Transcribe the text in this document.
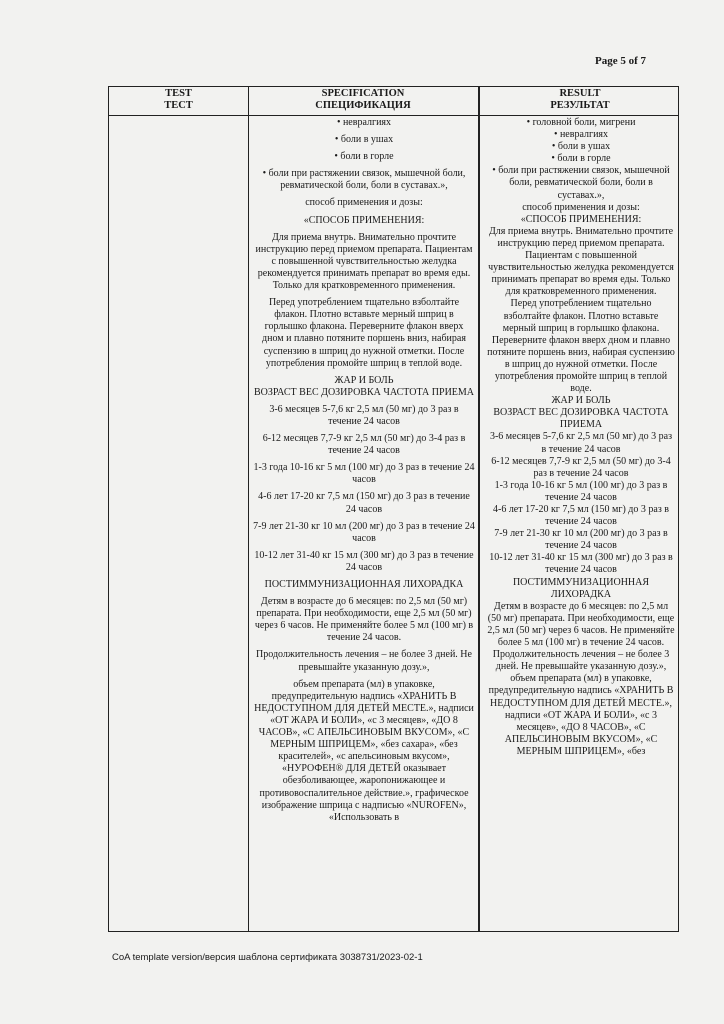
Page 5 of 7
TEST
ТЕСТ
SPECIFICATION
СПЕЦИФИКАЦИЯ
RESULT
РЕЗУЛЬТАТ
• невралгиях
• боли в ушах
• боли в горле
• боли при растяжении связок, мышечной боли, ревматической боли, боли в суставах.»,
способ применения и дозы:
«СПОСОБ ПРИМЕНЕНИЯ:
Для приема внутрь. Внимательно прочтите инструкцию перед приемом препарата. Пациентам с повышенной чувствительностью желудка рекомендуется принимать препарат во время еды. Только для кратковременного применения.
Перед употреблением тщательно взболтайте флакон. Плотно вставьте мерный шприц в горлышко флакона. Переверните флакон вверх дном и плавно потяните поршень вниз, набирая суспензию в шприц до нужной отметки. После употребления промойте шприц в теплой воде.
ЖАР И БОЛЬ
ВОЗРАСТ ВЕС ДОЗИРОВКА ЧАСТОТА ПРИЕМА
3-6 месяцев 5-7,6 кг 2,5 мл (50 мг) до 3 раз в течение 24 часов
6-12 месяцев 7,7-9 кг 2,5 мл (50 мг) до 3-4 раз в течение 24 часов
1-3 года 10-16 кг 5 мл (100 мг) до 3 раз в течение 24 часов
4-6 лет 17-20 кг 7,5 мл (150 мг) до 3 раз в течение 24 часов
7-9 лет 21-30 кг 10 мл (200 мг) до 3 раз в течение 24 часов
10-12 лет 31-40 кг 15 мл (300 мг) до 3 раз в течение 24 часов
ПОСТИММУНИЗАЦИОННАЯ ЛИХОРАДКА
Детям в возрасте до 6 месяцев: по 2,5 мл (50 мг) препарата. При необходимости, еще 2,5 мл (50 мг) через 6 часов. Не применяйте более 5 мл (100 мг) в течение 24 часов.
Продолжительность лечения – не более 3 дней. Не превышайте указанную дозу.»,
объем препарата (мл) в упаковке, предупредительную надпись «ХРАНИТЬ В НЕДОСТУПНОМ ДЛЯ ДЕТЕЙ МЕСТЕ.», надписи «ОТ ЖАРА И БОЛИ», «с 3 месяцев», «ДО 8 ЧАСОВ», «С АПЕЛЬСИНОВЫМ ВКУСОМ», «С МЕРНЫМ ШПРИЦЕМ», «без сахара», «без красителей», «с апельсиновым вкусом», «НУРОФЕН® ДЛЯ ДЕТЕЙ оказывает обезболивающее, жаропонижающее и противовоспалительное действие.», графическое изображение шприца с надписью «NUROFEN», «Использовать в
• головной боли, мигрени
• невралгиях
• боли в ушах
• боли в горле
• боли при растяжении связок, мышечной боли, ревматической боли, боли в суставах.»,
способ применения и дозы:
«СПОСОБ ПРИМЕНЕНИЯ:
Для приема внутрь. Внимательно прочтите инструкцию перед приемом препарата. Пациентам с повышенной чувствительностью желудка рекомендуется принимать препарат во время еды. Только для кратковременного применения.
Перед употреблением тщательно взболтайте флакон. Плотно вставьте мерный шприц в горлышко флакона. Переверните флакон вверх дном и плавно потяните поршень вниз, набирая суспензию в шприц до нужной отметки. После употребления промойте шприц в теплой воде.
ЖАР И БОЛЬ
ВОЗРАСТ ВЕС ДОЗИРОВКА ЧАСТОТА ПРИЕМА
3-6 месяцев 5-7,6 кг 2,5 мл (50 мг) до 3 раз в течение 24 часов
6-12 месяцев 7,7-9 кг 2,5 мл (50 мг) до 3-4 раз в течение 24 часов
1-3 года 10-16 кг 5 мл (100 мг) до 3 раз в течение 24 часов
4-6 лет 17-20 кг 7,5 мл (150 мг) до 3 раз в течение 24 часов
7-9 лет 21-30 кг 10 мл (200 мг) до 3 раз в течение 24 часов
10-12 лет 31-40 кг 15 мл (300 мг) до 3 раз в течение 24 часов
ПОСТИММУНИЗАЦИОННАЯ ЛИХОРАДКА
Детям в возрасте до 6 месяцев: по 2,5 мл (50 мг) препарата. При необходимости, еще 2,5 мл (50 мг) через 6 часов. Не применяйте более 5 мл (100 мг) в течение 24 часов. Продолжительность лечения – не более 3 дней. Не превышайте указанную дозу.»,
объем препарата (мл) в упаковке, предупредительную надпись «ХРАНИТЬ В НЕДОСТУПНОМ ДЛЯ ДЕТЕЙ МЕСТЕ.», надписи «ОТ ЖАРА И БОЛИ», «с 3 месяцев», «ДО 8 ЧАСОВ», «С АПЕЛЬСИНОВЫМ ВКУСОМ», «С МЕРНЫМ ШПРИЦЕМ», «без
CoA template version/версия шаблона сертификата 3038731/2023-02-1
